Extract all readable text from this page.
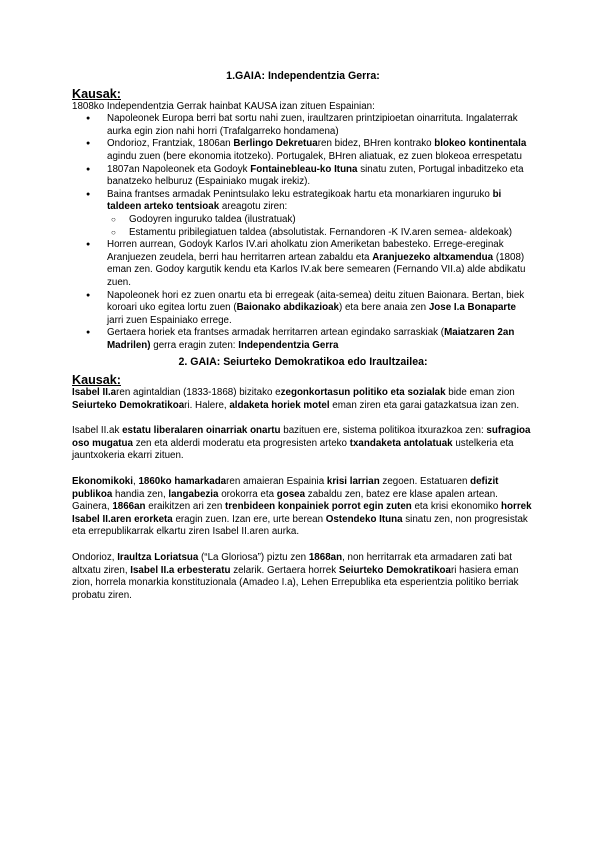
1.GAIA: Independentzia Gerra:
Kausak:

1808ko Independentzia Gerrak hainbat KAUSA izan zituen Espainian:

● Napoleonek Europa berri bat sortu nahi zuen, iraultzaren printzipioetan oinarrituta. Ingalaterrak aurka egin zion nahi horri (Trafalgarreko hondamena)
● Ondorioz, Frantziak, 1806an Berlingo Dekretuaren bidez, BHren kontrako blokeo kontinentala agindu zuen (bere ekonomia itotzeko). Portugalek, BHren aliatuak, ez zuen blokeoa errespetatu
● 1807an Napoleonek eta Godoyk Fontainebleau-ko Ituna sinatu zuten, Portugal inbaditzeko eta banatzeko helburuz (Espainiako mugak irekiz).
● Baina frantses armadak Penintsulako leku estrategikoak hartu eta monarkiaren inguruko bi taldeen arteko tentsioak areagotu ziren:
○ Godoyren inguruko taldea (ilustratuak)
○ Estamentu pribilegiatuen taldea (absolutistak. Fernandoren -K IV.aren semea- aldekoak)
● Horren aurrean, Godoyk Karlos IV.ari aholkatu zion Ameriketan babesteko. Errege-ereginak Aranjuezen zeudela, berri hau herritarren artean zabaldu eta Aranjuezeko altxamendua (1808) eman zen. Godoy kargutik kendu eta Karlos IV.ak bere semearen (Fernando VII.a) alde abdikatu zuen.
● Napoleonek hori ez zuen onartu eta bi erregeak (aita-semea) deitu zituen Baionara. Bertan, biek koroari uko egitea lortu zuen (Baionako abdikazioak) eta bere anaia zen Jose I.a Bonaparte jarri zuen Espainiako errege.
● Gertaera horiek eta frantses armadak herritarren artean egindako sarraskiak (Maiatzaren 2an Madrilen) gerra eragin zuten: Independentzia Gerra
2. GAIA: Seiurteko Demokratikoa edo Iraultzailea:
Kausak:

Isabel II.aren agintaldian (1833-1868) bizitako ezegonkortasun politiko eta sozialak bide eman zion Seiurteko Demokratikoari. Halere, aldaketa horiek motel eman ziren eta garai gatazkatsua izan zen.

Isabel II.ak estatu liberalaren oinarriak onartu bazituen ere, sistema politikoa itxurazkoa zen: sufragioa oso mugatua zen eta alderdi moderatu eta progresisten arteko txandaketa antolatuak ustelkeria eta jauntxokeria ekarri zituen.

Ekonomikoki, 1860ko hamarkadaren amaieran Espainia krisi larrian zegoen. Estatuaren defizit publikoa handia zen, langabezia orokorra eta gosea zabaldu zen, batez ere klase apalen artean. Gainera, 1866an eraikitzen ari zen trenbideen konpainiek porrot egin zuten eta krisi ekonomiko horrek Isabel II.aren erorketa eragin zuen. Izan ere, urte berean Ostendeko Ituna sinatu zen, non progresistak eta errepublikarrak elkartu ziren Isabel II.aren aurka.

Ondorioz, Iraultza Loriatsua (“La Gloriosa”) piztu zen 1868an, non herritarrak eta armadaren zati bat altxatu ziren, Isabel II.a erbesteratu zelarik. Gertaera horrek Seiurteko Demokratikoari hasiera eman zion, horrela monarkia konstituzionala (Amadeo I.a), Lehen Errepublika eta esperientzia politiko berriak probatu ziren.
